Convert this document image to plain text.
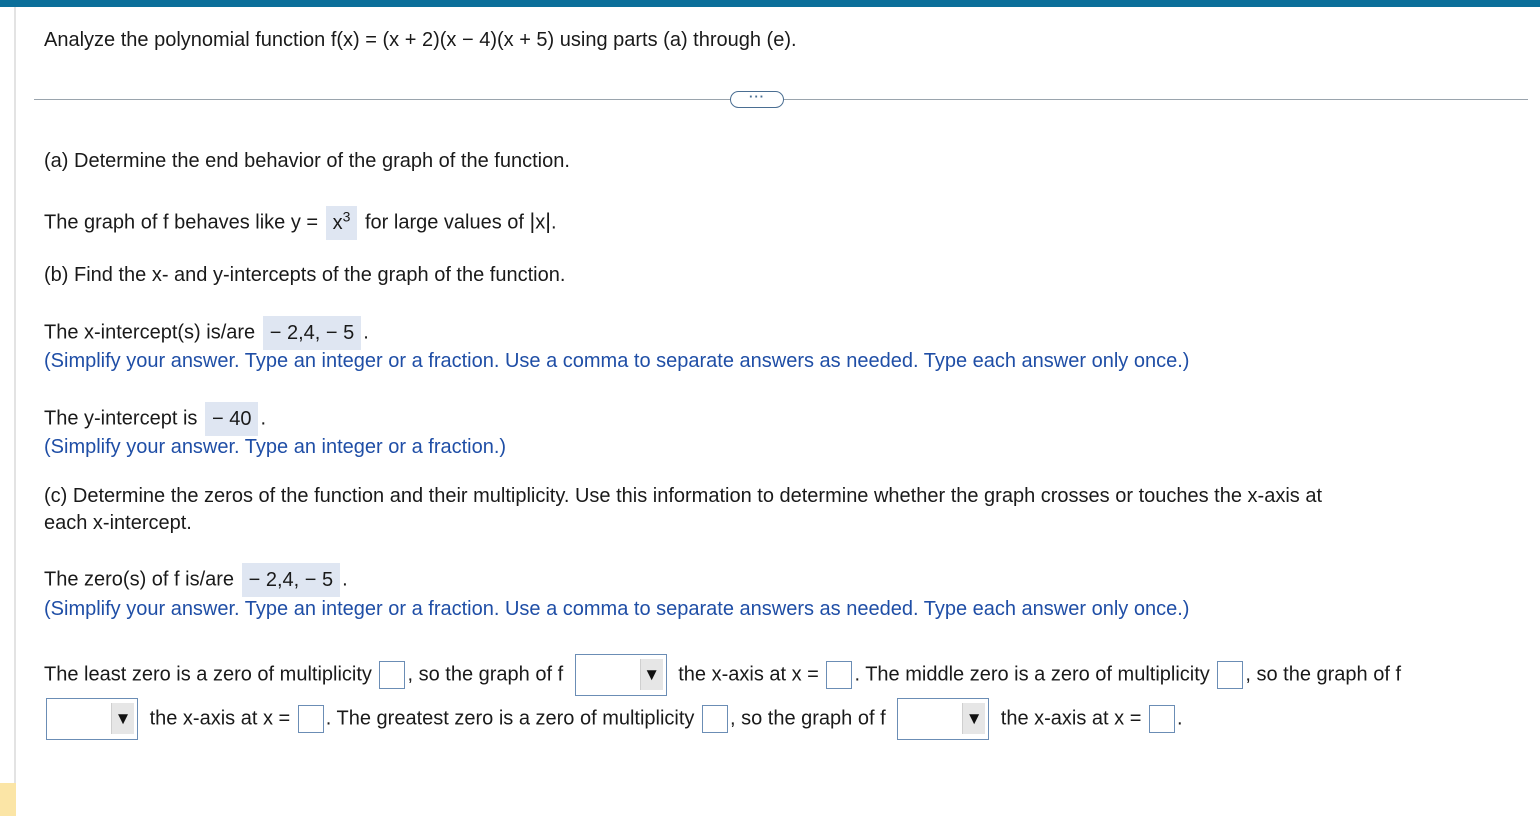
Analyze the polynomial function f(x) = (x + 2)(x − 4)(x + 5) using parts (a) through (e).
···
(a) Determine the end behavior of the graph of the function.
The graph of f behaves like $y = x^3$ for large values of |x|.
(b) Find the x- and y-intercepts of the graph of the function.
The x-intercept(s) is/are − 2,4, − 5 .
(Simplify your answer. Type an integer or a fraction. Use a comma to separate answers as needed. Type each answer only once.)
The y-intercept is − 40 .
(Simplify your answer. Type an integer or a fraction.)
(c) Determine the zeros of the function and their multiplicity. Use this information to determine whether the graph crosses or touches the x-axis at
each x-intercept.
The zero(s) of f is/are − 2,4, − 5 .
(Simplify your answer. Type an integer or a fraction. Use a comma to separate answers as needed. Type each answer only once.)
The least zero is a zero of multiplicity , so the graph of f	▼ the x-axis at x = . The middle zero is a zero of multiplicity , so the graph of f
▼ the x-axis at x = . The greatest zero is a zero of multiplicity , so the graph of f	▼ the x-axis at x = .
